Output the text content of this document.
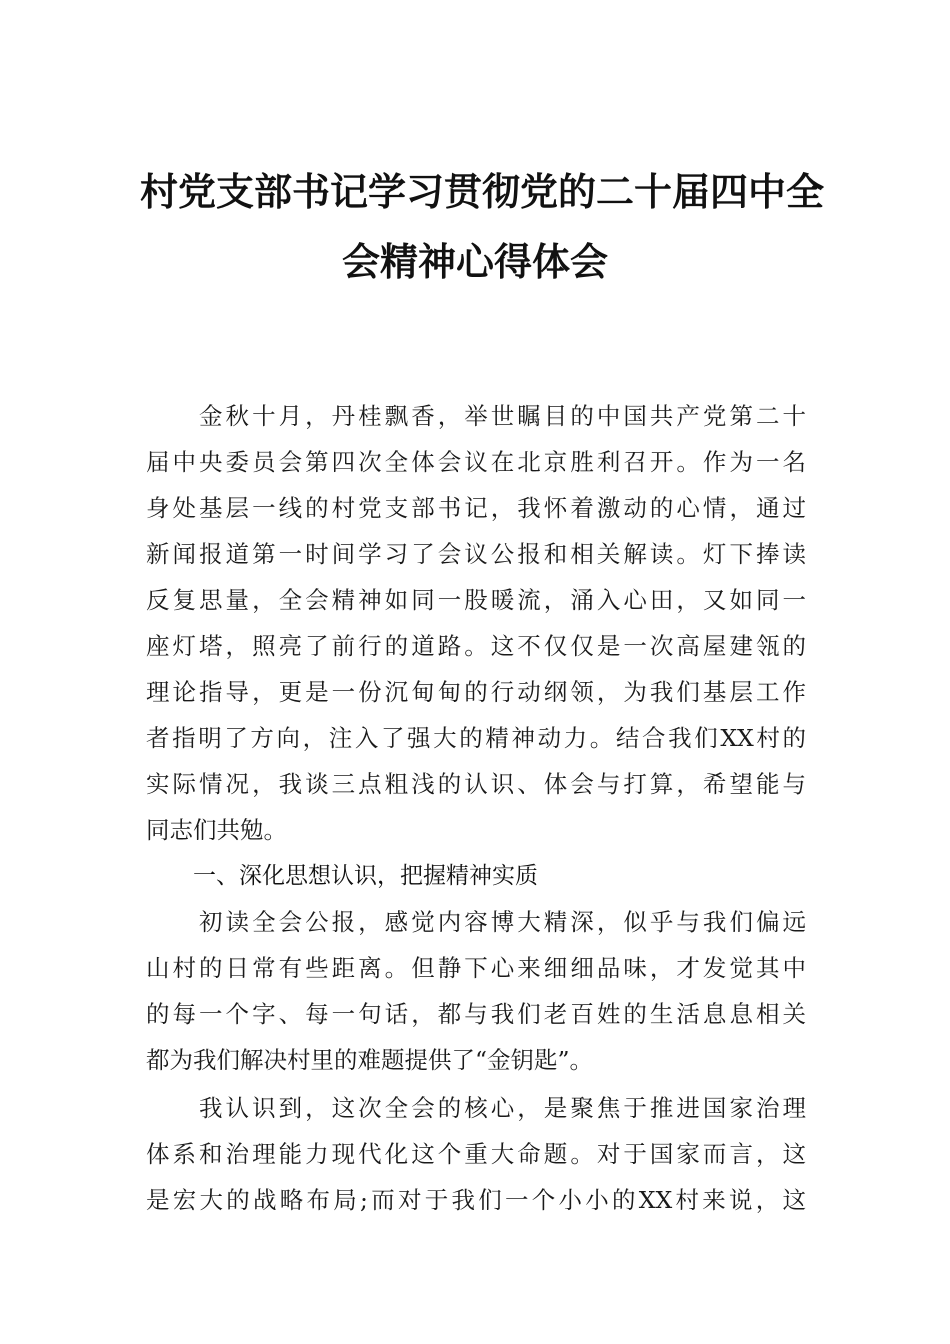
村党支部书记学习贯彻党的二十届四中全
会精神心得体会
　　金秋十月，丹桂飘香，举世瞩目的中国共产党第二十
届中央委员会第四次全体会议在北京胜利召开。作为一名
身处基层一线的村党支部书记，我怀着激动的心情，通过
新闻报道第一时间学习了会议公报和相关解读。灯下捧读
反复思量，全会精神如同一股暖流，涌入心田，又如同一
座灯塔，照亮了前行的道路。这不仅仅是一次高屋建瓴的
理论指导，更是一份沉甸甸的行动纲领，为我们基层工作
者指明了方向，注入了强大的精神动力。结合我们XX村的
实际情况，我谈三点粗浅的认识、体会与打算，希望能与
同志们共勉。
一、深化思想认识，把握精神实质
　　初读全会公报，感觉内容博大精深，似乎与我们偏远
山村的日常有些距离。但静下心来细细品味，才发觉其中
的每一个字、每一句话，都与我们老百姓的生活息息相关
都为我们解决村里的难题提供了“金钥匙”。
　　我认识到，这次全会的核心，是聚焦于推进国家治理
体系和治理能力现代化这个重大命题。对于国家而言，这
是宏大的战略布局;而对于我们一个小小的XX村来说，这
